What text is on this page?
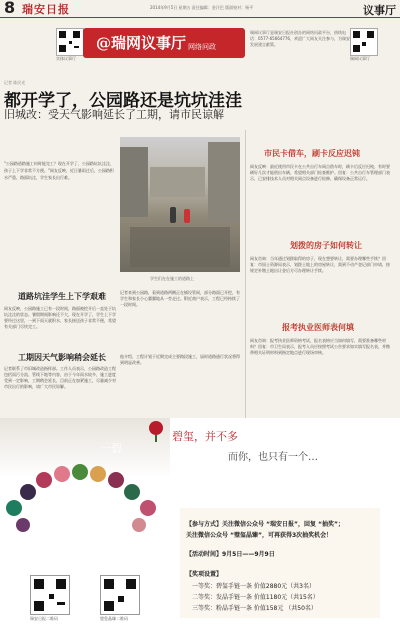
8 瑞安日报	2014年9月5日 星期五 责任编辑：金汗巴 版面校对：杨平	议事厅
实体议事厅
@瑞网议事厅 网络问政
瑞网议事厅是瑞安日报社创办的网络问政平台，热线电话：0577-65664776，欢迎广大网友关注参与，为瑞安发展建言献策。
瑞网议事厅
记者 陈民光
都开学了，公园路还是坑坑洼洼
旧城改：受天气影响延长了工期，请市民谅解
"公园路道路施工何时能完工？现在开学了，公园路坑坑洼洼，孩子上下学非常不方便。"网友反映，近日暴雨过后，公园路积水严重，路面坑洼，学生家长出行难。
学生们在在施工的道路上
道路坑洼学生上下学艰难
网友反映，公园路施工已有一段时间，路面被挖开后一直处于坑坑洼洼的状态。暑假期间影响还不大，现在开学了，学生上下学要经过这里，一到下雨天就积水，家长接送孩子非常不便，希望有关部门尽快完工。
记者来到公园路，看到道路两侧正在铺设管网，部分路面已开挖，有学生和家长小心翼翼地从一旁走过。附近商户表示，工程已经持续了一段时间。
工期因天气影响稍会延长
记者联系了市旧城改造指挥部。工作人员表示，公园路改造工程包括雨污分流、管线下地等内容，由于今年雨水较多，施工进度受到一定影响，工期稍会延长，目前正在加紧施工，尽量减少对市民出行的影响，请广大市民谅解。
他介绍，工程计划于近期完成主要路段施工，届时道路通行状况将得到明显改善。
市民卡借车，刷卡反应迟钝
网友反映：最近使用市民卡在公共自行车网点借车时，刷卡后反应迟钝，有时要刷好几次才能借出车辆，希望相关部门检查维护。回复：公共自行车管理部门表示，已安排技术人员对相关网点设备进行检修，确保设备正常运行。
划拨的房子如何转让
网友咨询：当年通过划拨取得的房子，现在想要转让，需要办理哪些手续？回复：市国土资源局表示，划拨土地上的房屋转让，需到不动产登记部门申请，按规定补缴土地出让金后方可办理转让手续。
报考执业医师表何填
网友咨询：报考执业医师资格考试，报名表格应当如何填写，需要准备哪些材料？回复：市卫生局表示，报考人员应按照考试公告要求如实填写报名表，并携带相关证明材料到指定地点进行现场审核。
一碧
碧玺，并不多
而你，也只有一个…
【参与方式】关注微信公众号 “瑞安日报”，回复 “抽奖”；
关注微信公众号 “璧玺晶臻”，可再获得3次抽奖机会！
【活动时间】9月5日——9月9日
【奖项设置】
一等奖：碧玺手链一条 价值2880元（共3名）
二等奖：发晶手链一条 价值1180元（共15名）
三等奖：粉晶手链一条 价值158元 （共50名）
瑞安日报二维码	璧玺晶臻二维码
